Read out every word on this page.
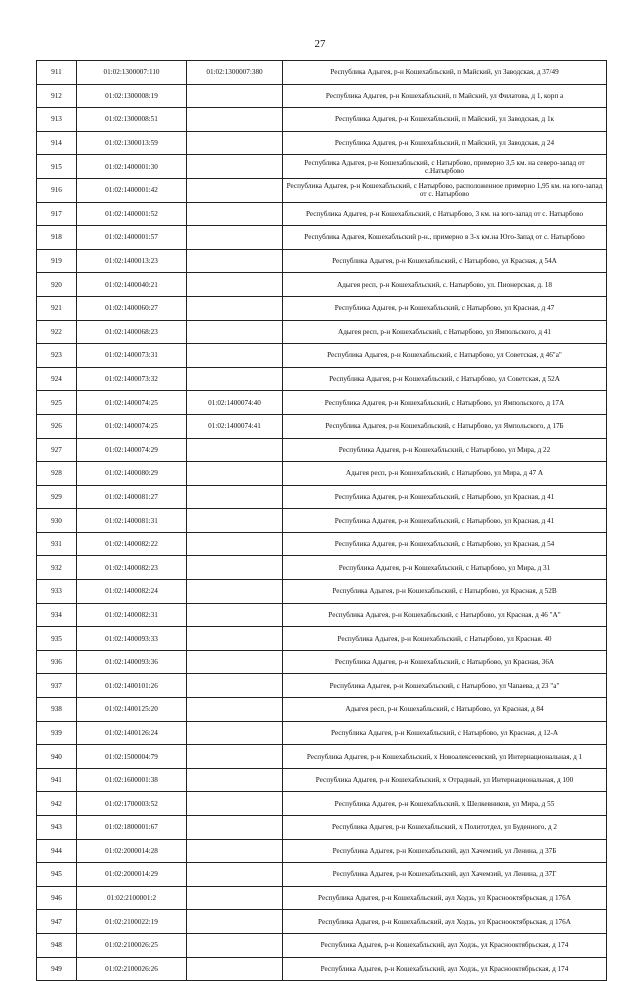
27
911	01:02:1300007:110	01:02:1300007:380	Республика Адыгея, р-н Кошехабльский, п Майский, ул Заводская, д 37/49
912	01:02:1300008:19		Республика Адыгея, р-н Кошехабльский, п Майский, ул Филатова, д 1, корп а
913	01:02:1300008:51		Республика Адыгея, р-н Кошехабльский, п Майский, ул Заводская, д 1к
914	01:02:1300013:59		Республика Адыгея, р-н Кошехабльский, п Майский, ул Заводская, д 24
915	01:02:1400001:30		Республика Адыгея, р-н Кошехабльский, с Натырбово, примерно 3,5 км. на северо-запад от с.Натырбово
916	01:02:1400001:42		Республика Адыгея, р-н Кошехабльский, с Натырбово, расположенное примерно 1,95 км. на юго-запад от с. Натырбово
917	01:02:1400001:52		Республика Адыгея, р-н Кошехабльский, с Натырбово, 3 км. на юго-запад от с. Натырбово
918	01:02:1400001:57		Республика Адыгея, Кошехабльский р-н., примерно в 3-х км.на Юго-Запад от с. Натырбово
919	01:02:1400013:23		Республика Адыгея, р-н Кошехабльский, с Натырбово, ул Красная, д 54А
920	01:02:1400040:21		Адыгея респ, р-н Кошехабльский, с. Натырбово, ул. Пионерская, д. 18
921	01:02:1400060:27		Республика Адыгея, р-н Кошехабльский, с Натырбово, ул Красная, д 47
922	01:02:1400068:23		Адыгея респ, р-н Кошехабльский, с Натырбово, ул Ямпольского, д 41
923	01:02:1400073:31		Республика Адыгея, р-н Кошехабльский, с Натырбово, ул Советская, д 46"а"
924	01:02:1400073:32		Республика Адыгея, р-н Кошехабльский, с Натырбово, ул Советская, д 52А
925	01:02:1400074:25	01:02:1400074:40	Республика Адыгея, р-н Кошехабльский, с Натырбово, ул Ямпольского, д 17А
926	01:02:1400074:25	01:02:1400074:41	Республика Адыгея, р-н Кошехабльский, с Натырбово, ул Ямпольского, д 17Б
927	01:02:1400074:29		Республика Адыгея, р-н Кошехабльский, с Натырбово, ул Мира, д 22
928	01:02:1400080:29		Адыгея респ, р-н Кошехабльский, с Натырбово, ул Мира, д 47 А
929	01:02:1400081:27		Республика Адыгея, р-н Кошехабльский, с Натырбово, ул Красная, д 41
930	01:02:1400081:31		Республика Адыгея, р-н Кошехабльский, с Натырбово, ул Красная, д 41
931	01:02:1400082:22		Республика Адыгея, р-н Кошехабльский, с Натырбово, ул Красная, д 54
932	01:02:1400082:23		Республика Адыгея, р-н Кошехабльский, с Натырбово, ул Мира, д 31
933	01:02:1400082:24		Республика Адыгея, р-н Кошехабльский, с Натырбово, ул Красная, д 52В
934	01:02:1400082:31		Республика Адыгея, р-н Кошехабльский, с Натырбово, ул Красная, д 46 "А"
935	01:02:1400093:33		Республика Адыгея, р-н Кошехабльский, с Натырбово, ул Красная. 40
936	01:02:1400093:36		Республика Адыгея, р-н Кошехабльский, с Натырбово, ул Красная, 36А
937	01:02:1400101:26		Республика Адыгея, р-н Кошехабльский, с Натырбово, ул Чапаева, д 23 "а"
938	01:02:1400125:20		Адыгея респ, р-н Кошехабльский, с Натырбово, ул Красная, д 84
939	01:02:1400126:24		Республика Адыгея, р-н Кошехабльский, с Натырбово, ул Красная, д 12-А
940	01:02:1500004:79		Республика Адыгея, р-н Кошехабльский, х Новоалексеевский, ул Интернациональная, д 1
941	01:02:1600001:38		Республика Адыгея, р-н Кошехабльский, х Отрадный, ул Интернациональная, д 100
942	01:02:1700003:52		Республика Адыгея, р-н Кошехабльский, х Шелкевников, ул Мира, д 55
943	01:02:1800001:67		Республика Адыгея, р-н Кошехабльский, х Политотдел, ул Буденного, д 2
944	01:02:2000014:28		Республика Адыгея, р-н Кошехабльский, аул Хачемзий, ул Ленина, д 37Б
945	01:02:2000014:29		Республика Адыгея, р-н Кошехабльский, аул Хачемзий, ул Ленина, д 37Г
946	01:02:2100001:2		Республика Адыгея, р-н Кошехабльский, аул Ходзь, ул Краснооктябрьская, д 176А
947	01:02:2100022:19		Республика Адыгея, р-н Кошехабльский, аул Ходзь, ул Краснооктябрьская, д 176А
948	01:02:2100026:25		Республика Адыгея, р-н Кошехабльский, аул Ходзь, ул Краснооктябрьская, д 174
949	01:02:2100026:26		Республика Адыгея, р-н Кошехабльский, аул Ходзь, ул Краснооктябрьская, д 174
